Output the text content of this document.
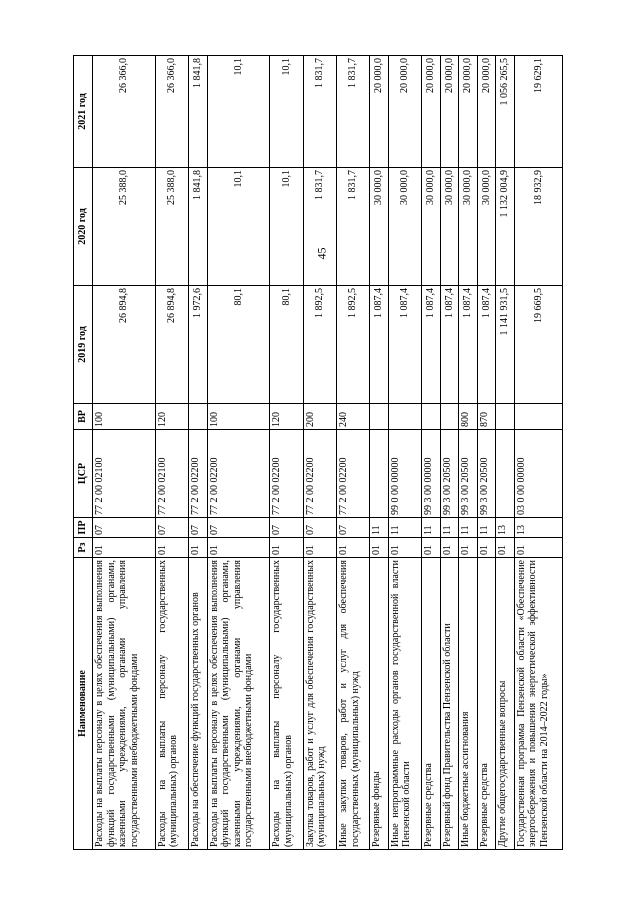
45
Наименование	Рз	ПР	ЦСР	ВР	2019 год	2020 год	2021 год
Расходы на выплаты персоналу в целях обеспечения выполнения функций государственными (муниципальными) органами, казенными учреждениями, органами управления государственными внебюджетными фондами	01	07	77 2 00 02100	100	26 894,8	25 388,0	26 366,0
Расходы на выплаты персоналу государственных (муниципальных) органов	01	07	77 2 00 02100	120	26 894,8	25 388,0	26 366,0
Расходы на обеспечение функций государственных органов	01	07	77 2 00 02200		1 972,6	1 841,8	1 841,8
Расходы на выплаты персоналу в целях обеспечения выполнения функций государственными (муниципальными) органами, казенными учреждениями, органами управления государственными внебюджетными фондами	01	07	77 2 00 02200	100	80,1	10,1	10,1
Расходы на выплаты персоналу государственных (муниципальных) органов	01	07	77 2 00 02200	120	80,1	10,1	10,1
Закупка товаров, работ и услуг для обеспечения государственных (муниципальных) нужд	01	07	77 2 00 02200	200	1 892,5	1 831,7	1 831,7
Иные закупки товаров, работ и услуг для обеспечения государственных (муниципальных) нужд	01	07	77 2 00 02200	240	1 892,5	1 831,7	1 831,7
Резервные фонды	01	11			1 087,4	30 000,0	20 000,0
Иные непрограммные расходы органов государственной власти Пензенской области	01	11	99 0 00 00000		1 087,4	30 000,0	20 000,0
Резервные средства	01	11	99 3 00 00000		1 087,4	30 000,0	20 000,0
Резервный фонд Правительства Пензенской области	01	11	99 3 00 20500		1 087,4	30 000,0	20 000,0
Иные бюджетные ассигнования	01	11	99 3 00 20500	800	1 087,4	30 000,0	20 000,0
Резервные средства	01	11	99 3 00 20500	870	1 087,4	30 000,0	20 000,0
Другие общегосударственные вопросы	01	13			1 141 931,5	1 132 004,9	1 056 265,5
Государственная программа Пензенской области «Обеспечение энергосбережения и повышения энергетической эффективности Пензенской области на 2014–2022 годы»	01	13	03 0 00 00000		19 669,5	18 932,9	19 629,1
